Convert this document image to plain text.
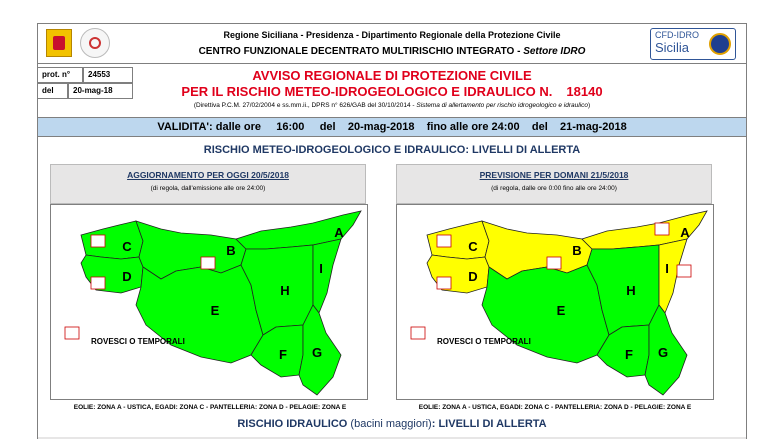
Regione Siciliana - Presidenza - Dipartimento Regionale della Protezione Civile
CENTRO FUNZIONALE DECENTRATO MULTIRISCHIO INTEGRATO - Settore IDRO
CFD-IDRO
Sicilia
prot. n°	24553
del	20-mag-18
AVVISO REGIONALE DI PROTEZIONE CIVILE
PER IL RISCHIO METEO-IDROGEOLOGICO E IDRAULICO N. 18140
(Direttiva P.C.M. 27/02/2004 e ss.mm.ii., DPRS n° 626/GAB del 30/10/2014 - Sistema di allertamento per rischio idrogeologico e idraulico)
VALIDITA': dalle ore 16:00 del 20-mag-2018 fino alle ore 24:00 del 21-mag-2018
RISCHIO METEO-IDROGEOLOGICO E IDRAULICO: LIVELLI DI ALLERTA
AGGIORNAMENTO PER OGGI 20/5/2018
(di regola, dall'emissione alle ore 24:00)
C
D
B
E
A
H
I
F G
ROVESCI O TEMPORALI
EOLIE: ZONA A - USTICA, EGADI: ZONA C - PANTELLERIA: ZONA D - PELAGIE: ZONA E
PREVISIONE PER DOMANI 21/5/2018
(di regola, dalle ore 0:00 fino alle ore 24:00)
C
D
B
E
A
H
I
F G
ROVESCI O TEMPORALI
EOLIE: ZONA A - USTICA, EGADI: ZONA C - PANTELLERIA: ZONA D - PELAGIE: ZONA E
RISCHIO IDRAULICO (bacini maggiori): LIVELLI DI ALLERTA
